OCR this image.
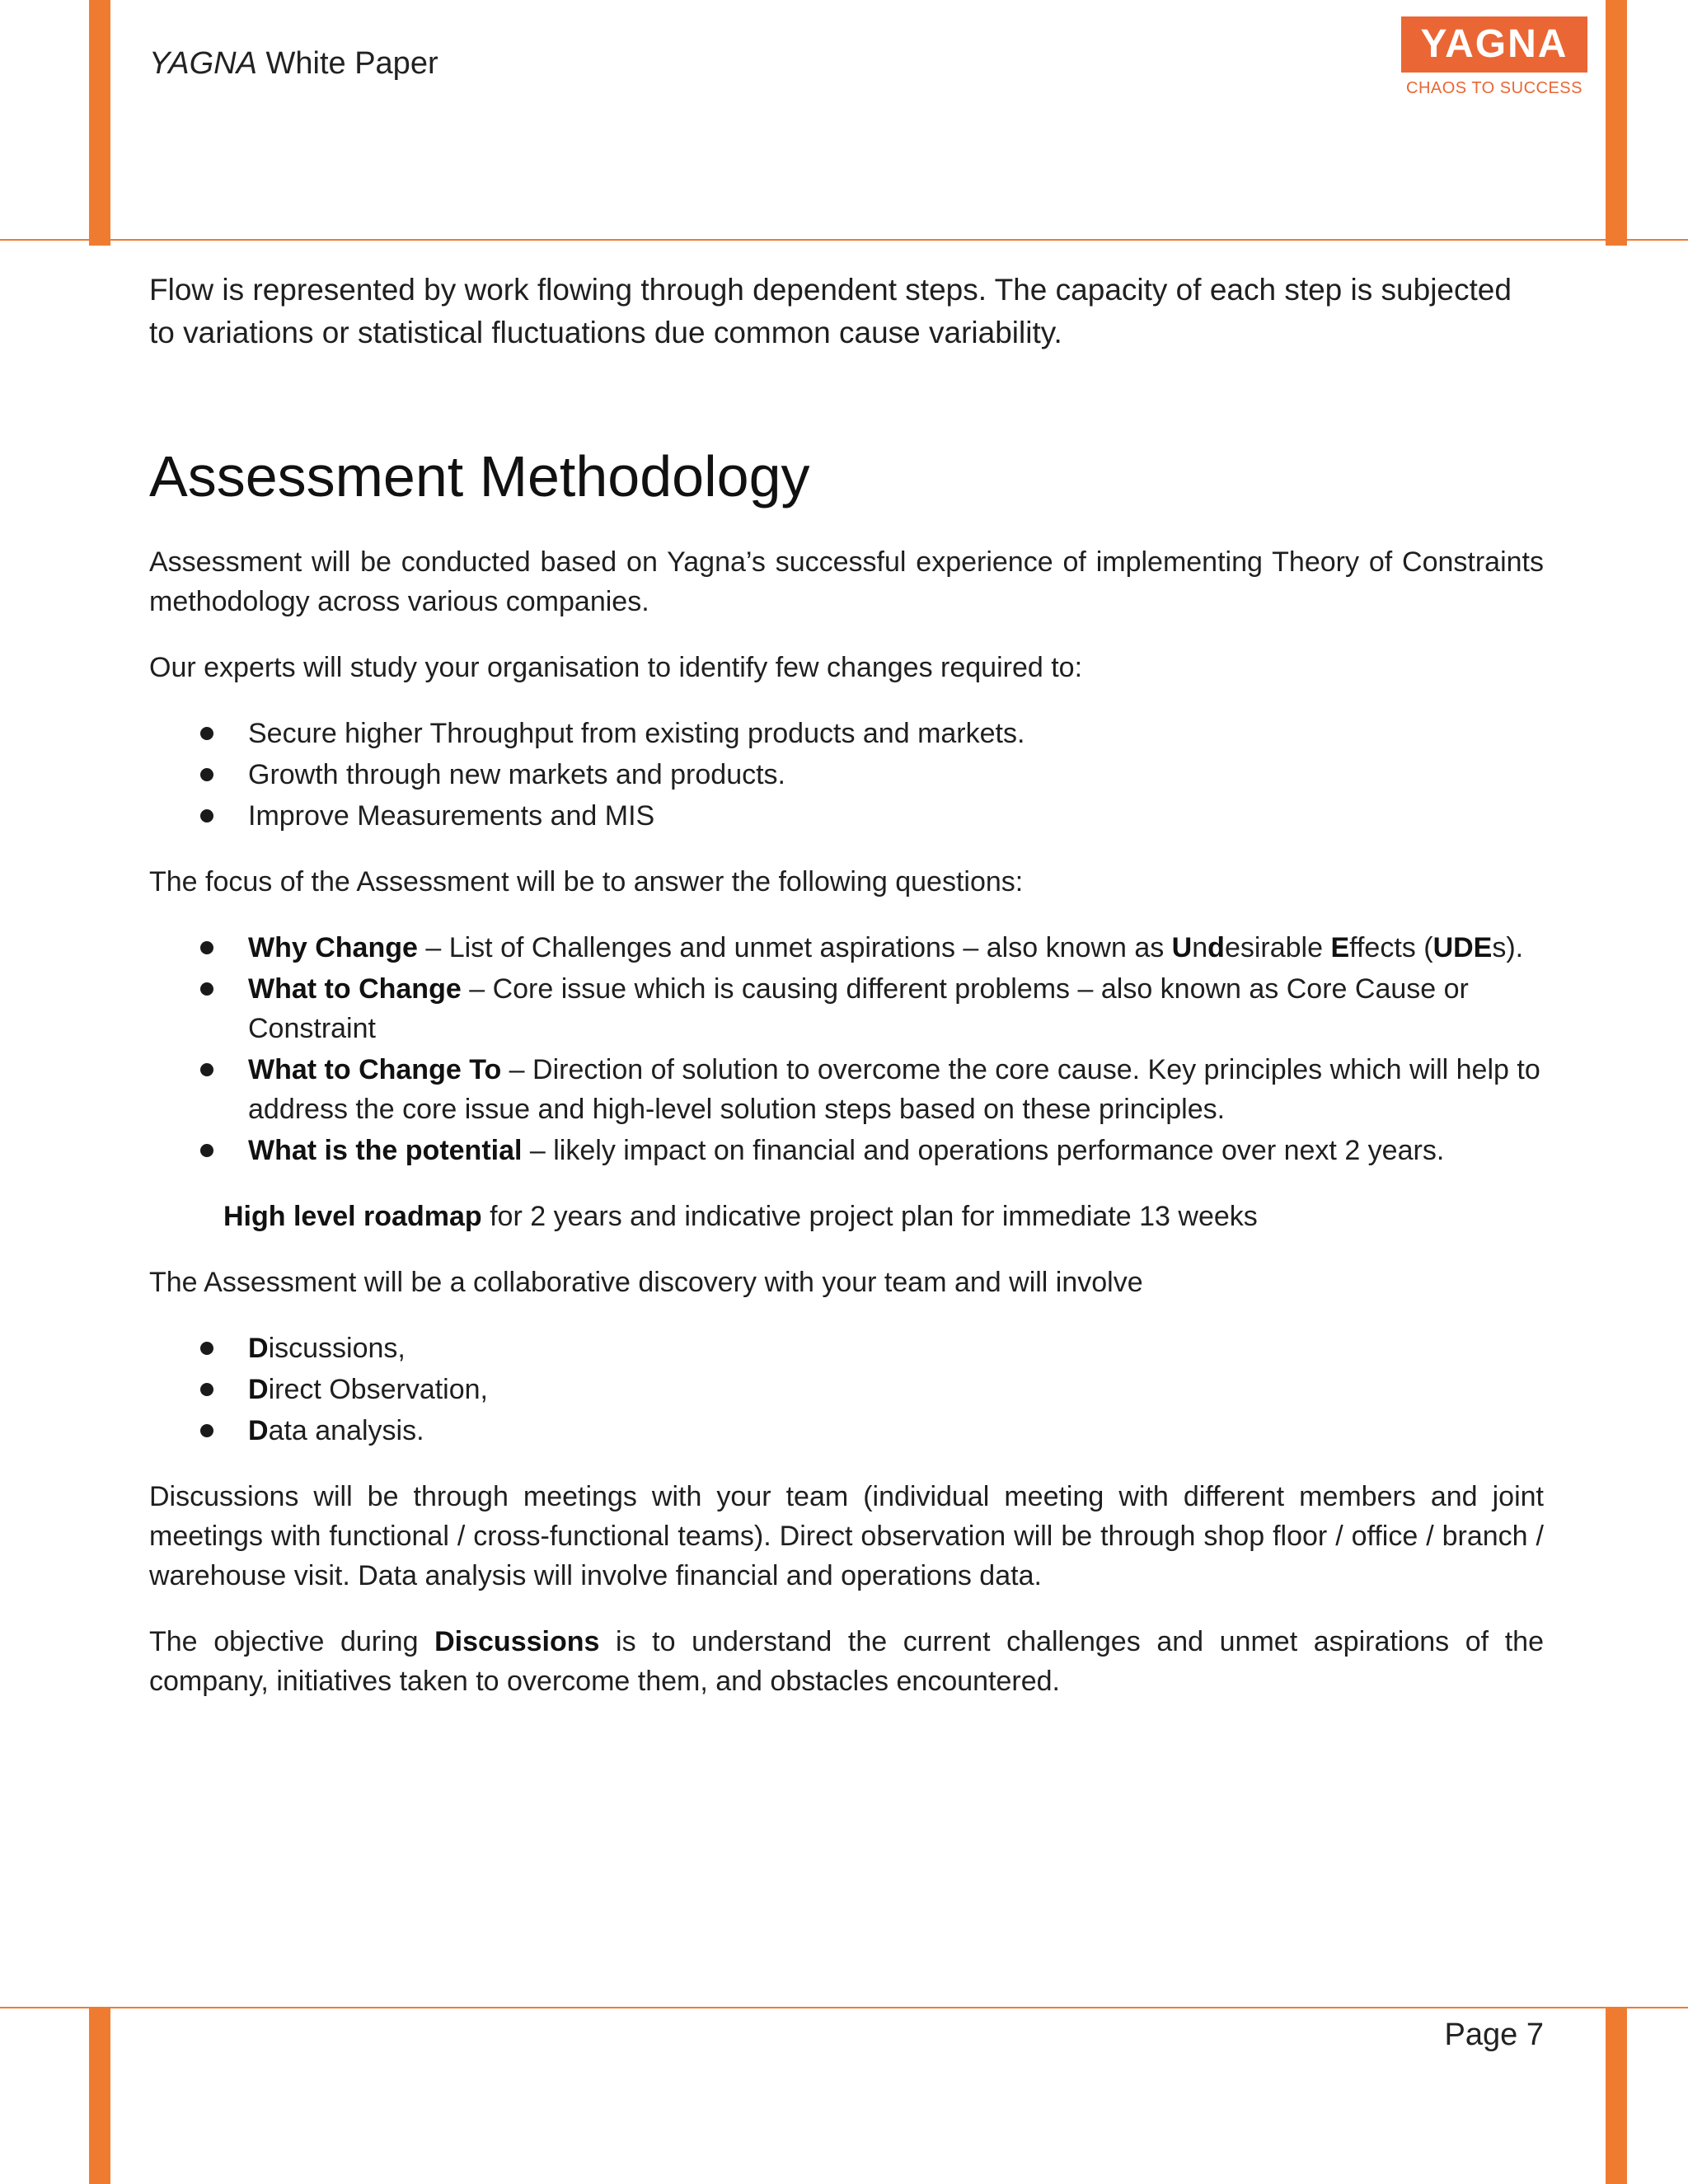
YAGNA White Paper	YAGNA
CHAOS TO SUCCESS

Flow is represented by work flowing through dependent steps. The capacity of each step is subjected to variations or statistical fluctuations due common cause variability.

Assessment Methodology

Assessment will be conducted based on Yagna’s successful experience of implementing Theory of Constraints methodology across various companies.

Our experts will study your organisation to identify few changes required to:

Secure higher Throughput from existing products and markets.
Growth through new markets and products.
Improve Measurements and MIS

The focus of the Assessment will be to answer the following questions:

Why Change – List of Challenges and unmet aspirations – also known as Undesirable Effects (UDEs).
What to Change – Core issue which is causing different problems – also known as Core Cause or Constraint
What to Change To – Direction of solution to overcome the core cause. Key principles which will help to address the core issue and high-level solution steps based on these principles.
What is the potential – likely impact on financial and operations performance over next 2 years.

High level roadmap for 2 years and indicative project plan for immediate 13 weeks

The Assessment will be a collaborative discovery with your team and will involve

Discussions,
Direct Observation,
Data analysis.

Discussions will be through meetings with your team (individual meeting with different members and joint meetings with functional / cross-functional teams). Direct observation will be through shop floor / office / branch / warehouse visit. Data analysis will involve financial and operations data.

The objective during Discussions is to understand the current challenges and unmet aspirations of the company, initiatives taken to overcome them, and obstacles encountered.

Page 7
